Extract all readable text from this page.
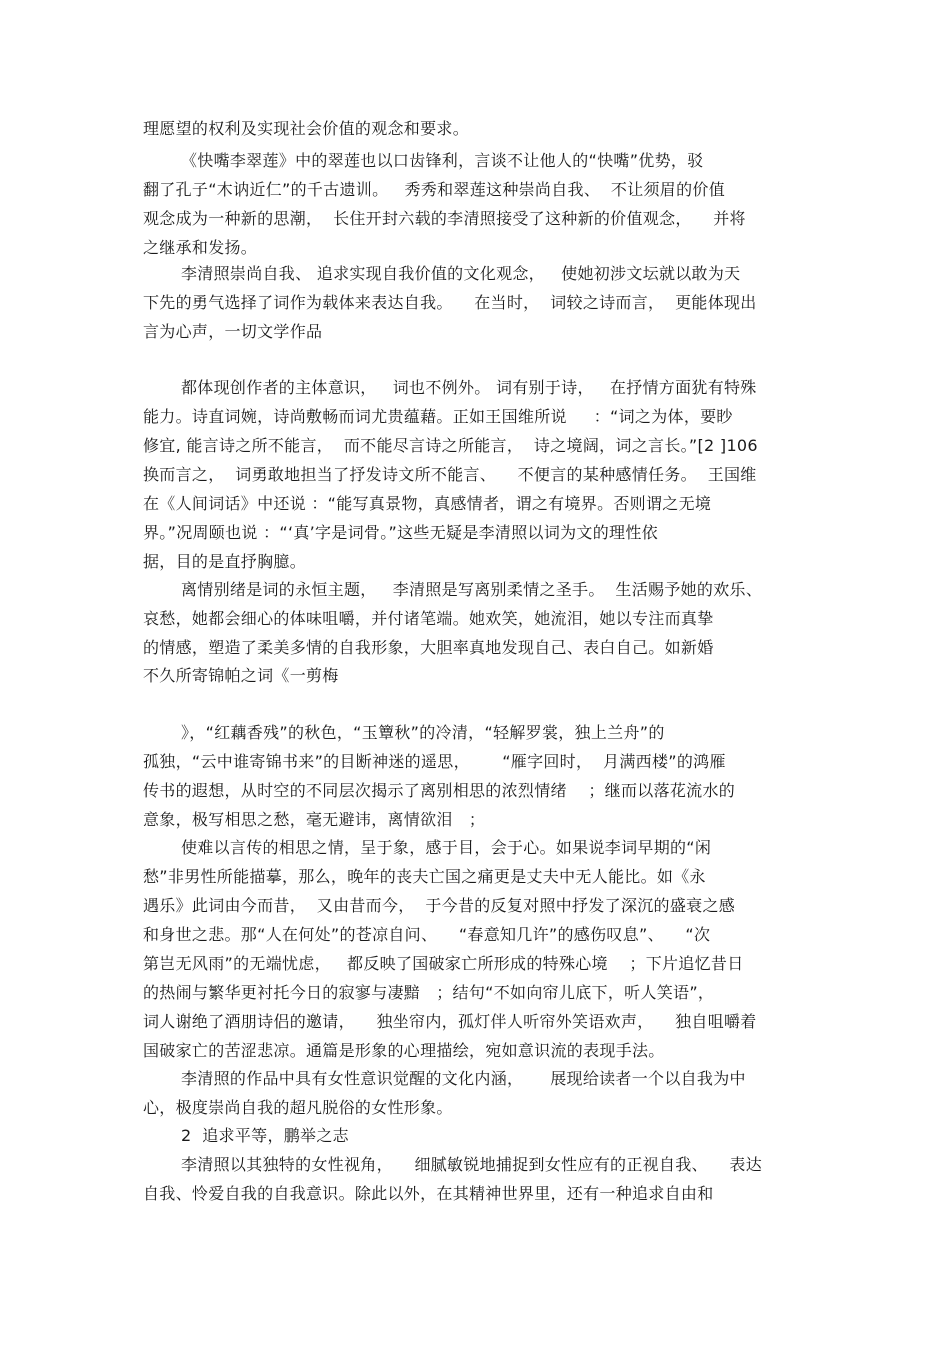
理愿望的权利及实现社会价值的观念和要求。
《快嘴李翠莲》中的翠莲也以口齿锋利，言谈不让他人的“快嘴”优势，驳
翻了孔子“木讷近仁”的千古遗训。   秀秀和翠莲这种崇尚自我、  不让须眉的价值
观念成为一种新的思潮，  长住开封六载的李清照接受了这种新的价值观念，    并将
之继承和发扬。
李清照崇尚自我、 追求实现自我价值的文化观念，   使她初涉文坛就以敢为天
下先的勇气选择了词作为载体来表达自我。    在当时，  词较之诗而言，  更能体现出
言为心声，一切文学作品
都体现创作者的主体意识，   词也不例外。 词有别于诗，   在抒情方面犹有特殊
能力。诗直词婉，诗尚敷畅而词尤贵蕴藉。正如王国维所说     ：“词之为体，要眇
修宜, 能言诗之所不能言，  而不能尽言诗之所能言，  诗之境阔，词之言长。”[2 ]106
换而言之，  词勇敢地担当了抒发诗文所不能言、    不便言的某种感情任务。  王国维
在《人间词话》中还说 ：“能写真景物，真感情者，谓之有境界。否则谓之无境
界。”况周颐也说 ：“‘真’字是词骨。”这些无疑是李清照以词为文的理性依
据，目的是直抒胸臆。
离情别绪是词的永恒主题，   李清照是写离别柔情之圣手。  生活赐予她的欢乐、
哀愁，她都会细心的体味咀嚼，并付诸笔端。她欢笑，她流泪，她以专注而真挚
的情感，塑造了柔美多情的自我形象，大胆率真地发现自己、表白自己。如新婚
不久所寄锦帕之词《一剪梅
》，“红藕香残”的秋色，“玉簟秋”的冷清，“轻解罗裳，独上兰舟”的
孤独，“云中谁寄锦书来”的目断神迷的遥思，      “雁字回时，  月满西楼”的鸿雁
传书的遐想，从时空的不同层次揭示了离别相思的浓烈情绪    ；继而以落花流水的
意象，极写相思之愁，毫无避讳，离情欲泪   ；
使难以言传的相思之情，呈于象，感于目，会于心。如果说李词早期的“闲
愁”非男性所能描摹，那么，晚年的丧夫亡国之痛更是丈夫中无人能比。如《永
遇乐》此词由今而昔，  又由昔而今，  于今昔的反复对照中抒发了深沉的盛衰之感
和身世之悲。那“人在何处”的苍凉自问、    “春意知几许”的感伤叹息”、    “次
第岂无风雨”的无端忧虑，   都反映了国破家亡所形成的特殊心境    ；下片追忆昔日
的热闹与繁华更衬托今日的寂寥与凄黯   ；结句“不如向帘儿底下，听人笑语”，
词人谢绝了酒朋诗侣的邀请，    独坐帘内，孤灯伴人听帘外笑语欢声，    独自咀嚼着
国破家亡的苦涩悲凉。通篇是形象的心理描绘，宛如意识流的表现手法。
李清照的作品中具有女性意识觉醒的文化内涵，     展现给读者一个以自我为中
心，极度崇尚自我的超凡脱俗的女性形象。
2  追求平等，鹏举之志
李清照以其独特的女性视角，    细腻敏锐地捕捉到女性应有的正视自我、    表达
自我、怜爱自我的自我意识。除此以外，在其精神世界里，还有一种追求自由和
